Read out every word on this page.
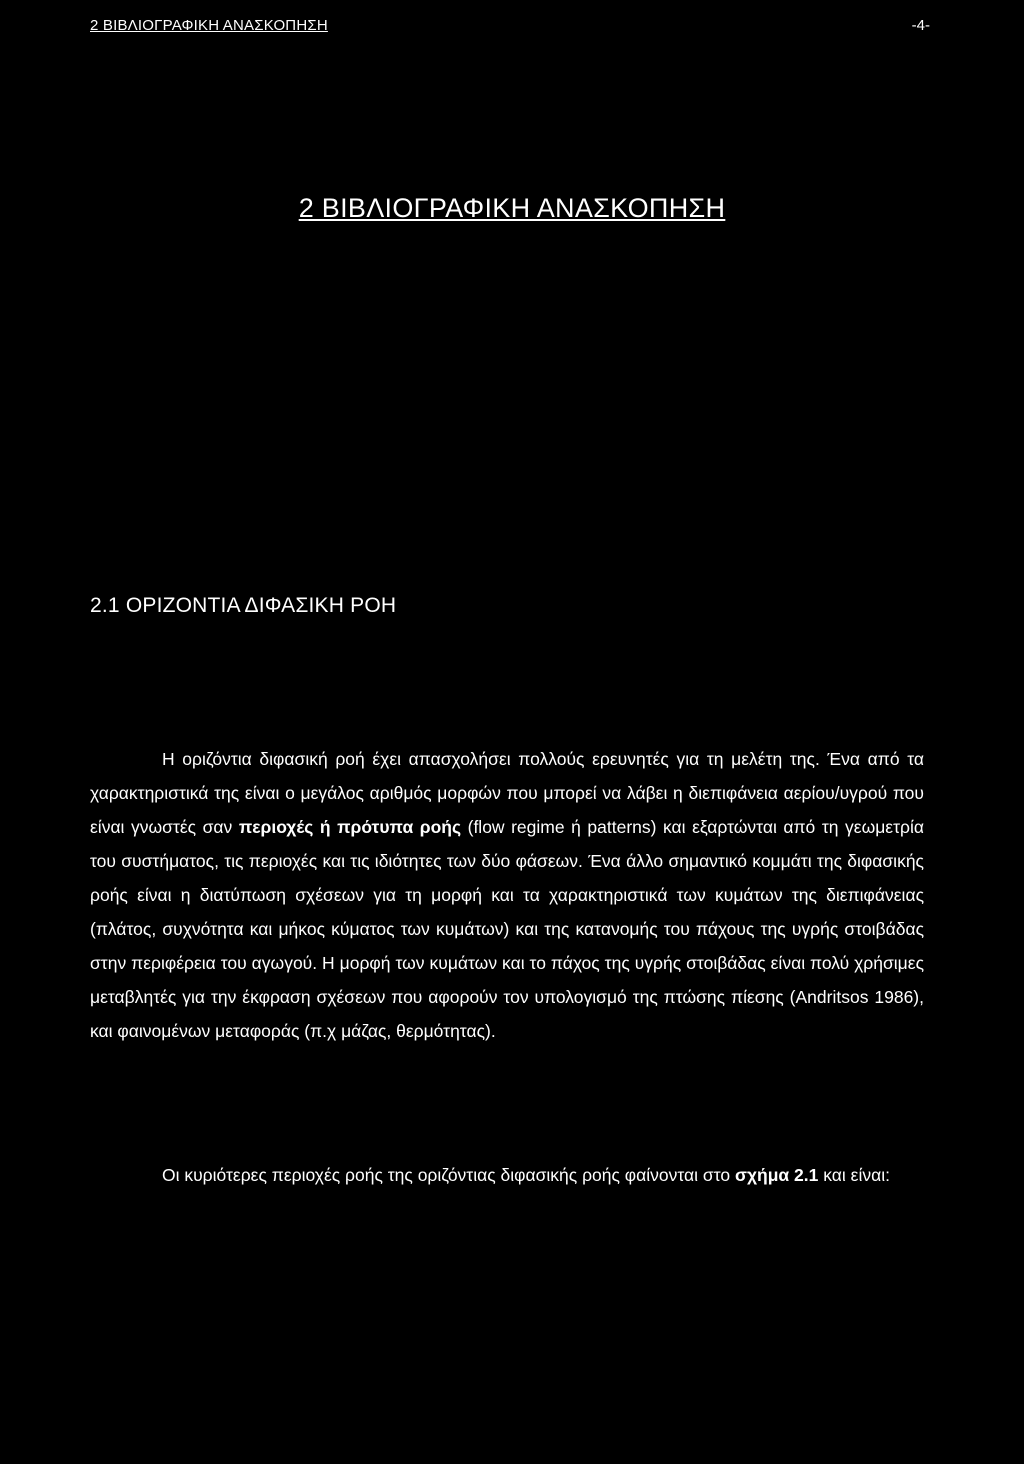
2 ΒΙΒΛΙΟΓΡΑΦΙΚΗ ΑΝΑΣΚΟΠΗΣΗ	-4-
2 ΒΙΒΛΙΟΓΡΑΦΙΚΗ ΑΝΑΣΚΟΠΗΣΗ
2.1 ΟΡΙΖΟΝΤΙΑ ΔΙΦΑΣΙΚΗ ΡΟΗ

Η οριζόντια διφασική ροή έχει απασχολήσει πολλούς ερευνητές για τη μελέτη της. Ένα από τα χαρακτηριστικά της είναι ο μεγάλος αριθμός μορφών που μπορεί να λάβει η διεπιφάνεια αερίου/υγρού που είναι γνωστές σαν περιοχές ή πρότυπα ροής (flow regime ή patterns) και εξαρτώνται από τη γεωμετρία του συστήματος, τις περιοχές και τις ιδιότητες των δύο φάσεων. Ένα άλλο σημαντικό κομμάτι της διφασικής ροής είναι η διατύπωση σχέσεων για τη μορφή και τα χαρακτηριστικά των κυμάτων της διεπιφάνειας (πλάτος, συχνότητα και μήκος κύματος των κυμάτων) και της κατανομής του πάχους της υγρής στοιβάδας στην περιφέρεια του αγωγού. Η μορφή των κυμάτων και το πάχος της υγρής στοιβάδας είναι πολύ χρήσιμες μεταβλητές για την έκφραση σχέσεων που αφορούν τον υπολογισμό της πτώσης πίεσης (Andritsos 1986), και φαινομένων μεταφοράς (π.χ μάζας, θερμότητας).

Οι κυριότερες περιοχές ροής της οριζόντιας διφασικής ροής φαίνονται στο σχήμα 2.1 και είναι:
